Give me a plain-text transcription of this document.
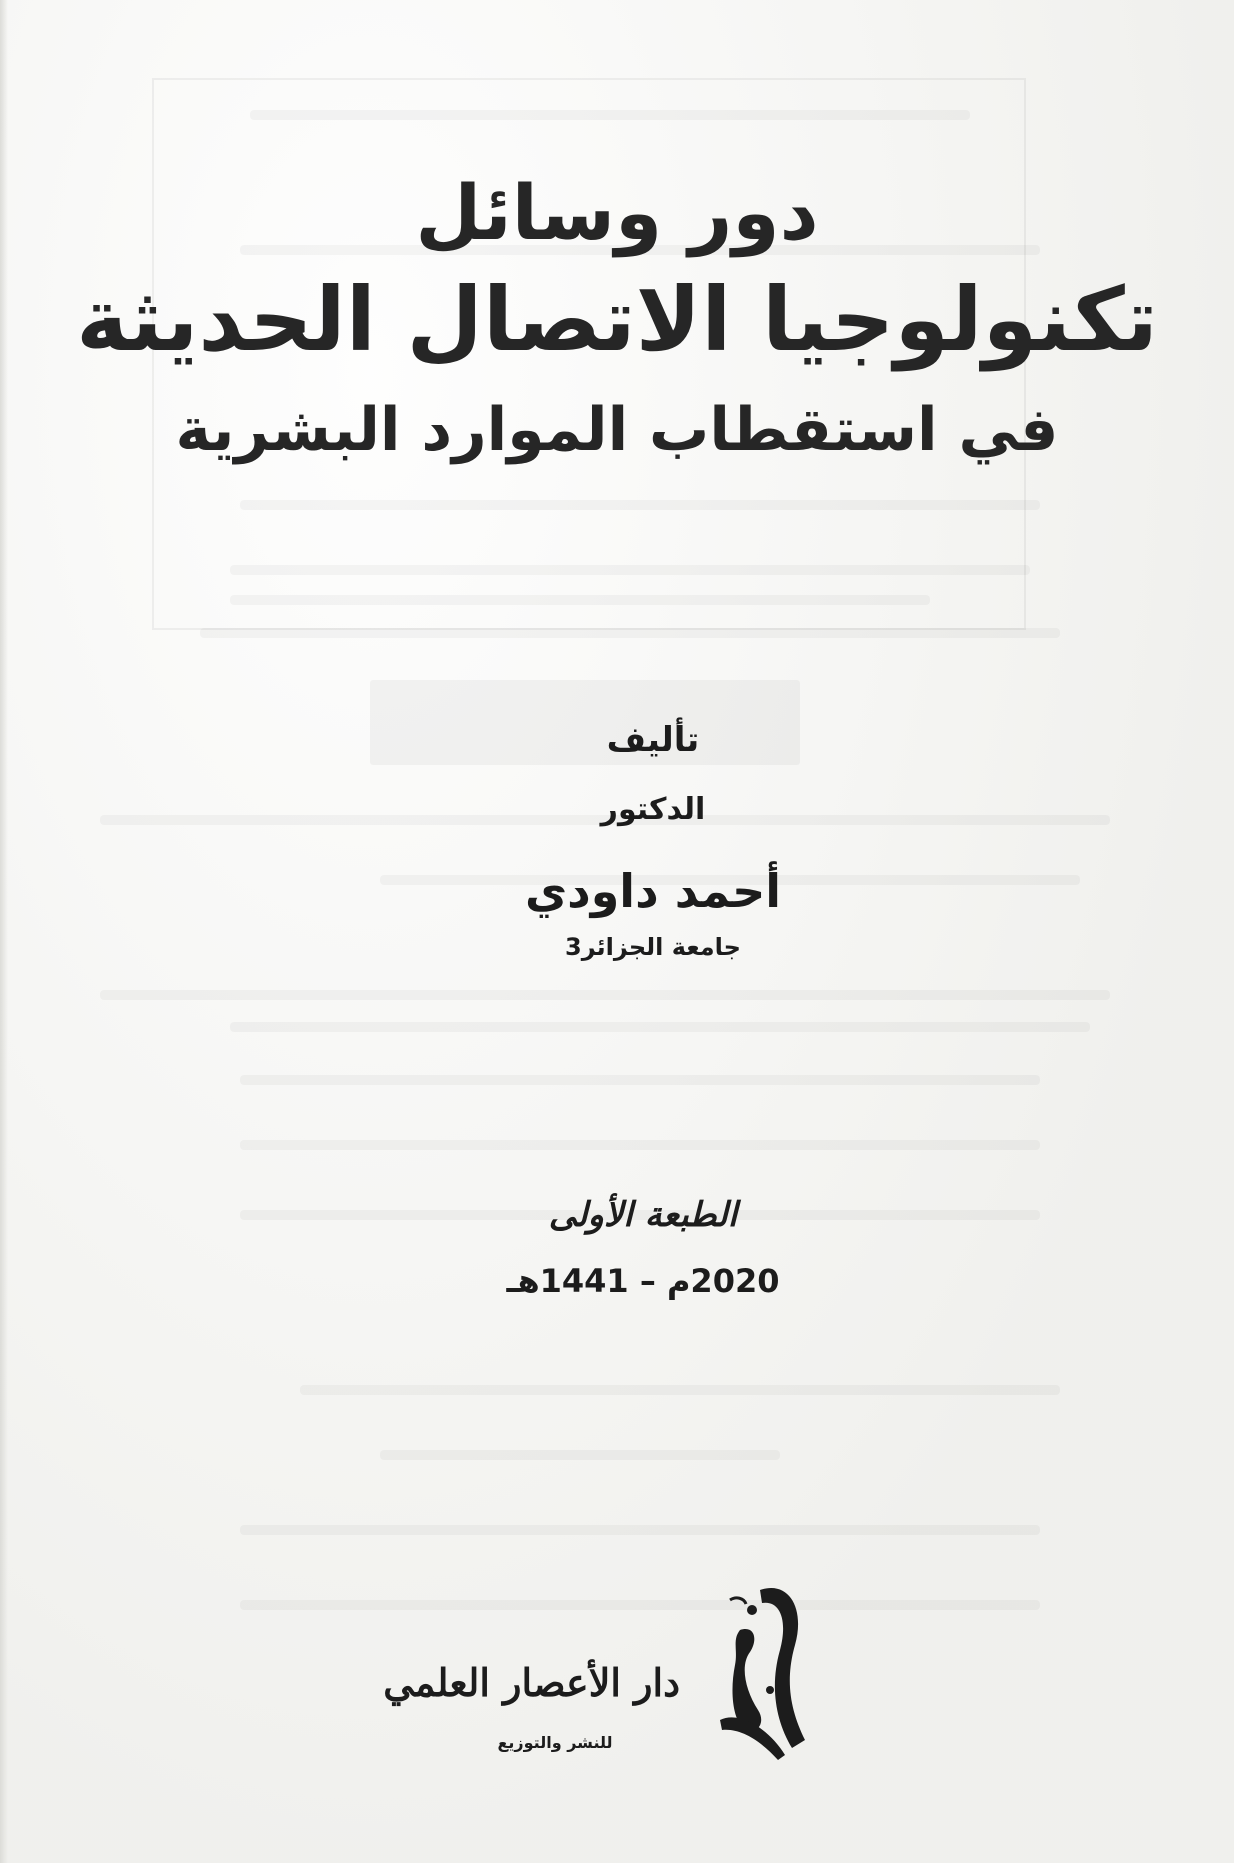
دور وسائل
تكنولوجيا الاتصال الحديثة
في استقطاب الموارد البشرية
تأليف
الدكتور
أحمد داودي
جامعة الجزائر3
الطبعة الأولى
2020م – 1441هـ
دار الأعصار العلمي
للنشر والتوزيع
